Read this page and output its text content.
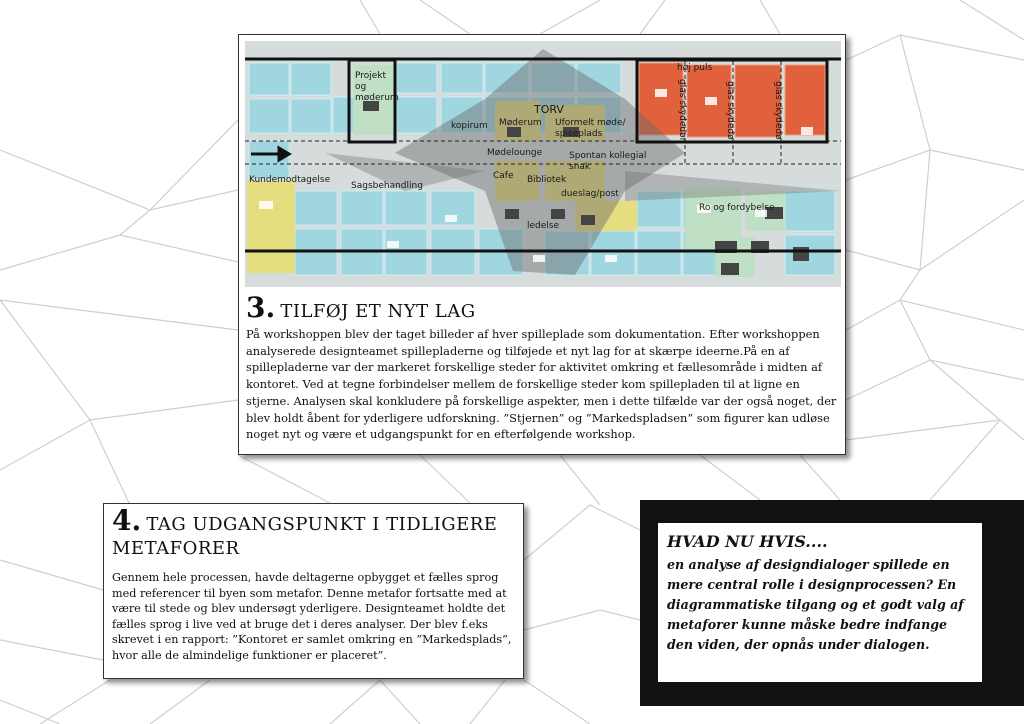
Projekt
og
møderum
høj puls
TORV
kopirum Møderum Uformelt møde/
spiseplads
Mødelounge	Spontan kollegial
snak
Kundemodtagelse
Sagsbehandling
Cafe Bibliotek
dueslag/post
Ro og fordybelse
ledelse
glas skydedør	glas skydedør	glas skydedør
3. TILFØJ ET NYT LAG

På workshoppen blev der taget billeder af hver spilleplade som dokumentation. Efter workshoppen analyserede designteamet spillepladerne og tilføjede et nyt lag for at skærpe ideerne.På en af spillepladerne var der markeret forskellige steder for aktivitet omkring et fællesområde i midten af kontoret. Ved at tegne forbindelser mellem de forskellige steder kom spillepladen til at ligne en stjerne. Analysen skal konkludere på forskellige aspekter, men i dette tilfælde var der også noget, der blev holdt åbent for yderligere udforskning. ”Stjernen” og ”Markedspladsen” som figurer kan udløse noget nyt og være et udgangspunkt for en efterfølgende workshop.

4. TAG UDGANGSPUNKT I TIDLIGERE METAFORER

Gennem hele processen, havde deltagerne opbygget et fælles sprog med referencer til byen som metafor. Denne metafor fortsatte med at være til stede og blev undersøgt yderligere. Designteamet holdte det fælles sprog i live ved at bruge det i deres analyser. Der blev f.eks skrevet i en rapport: ”Kontoret er samlet omkring en ”Markedsplads”, hvor alle de almindelige funktioner er placeret”.

HVAD NU HVIS....
en analyse af designdialoger spillede en mere central rolle i designprocessen? En diagrammatiske tilgang og et godt valg af metaforer kunne måske bedre indfange den viden, der opnås under dialogen.
